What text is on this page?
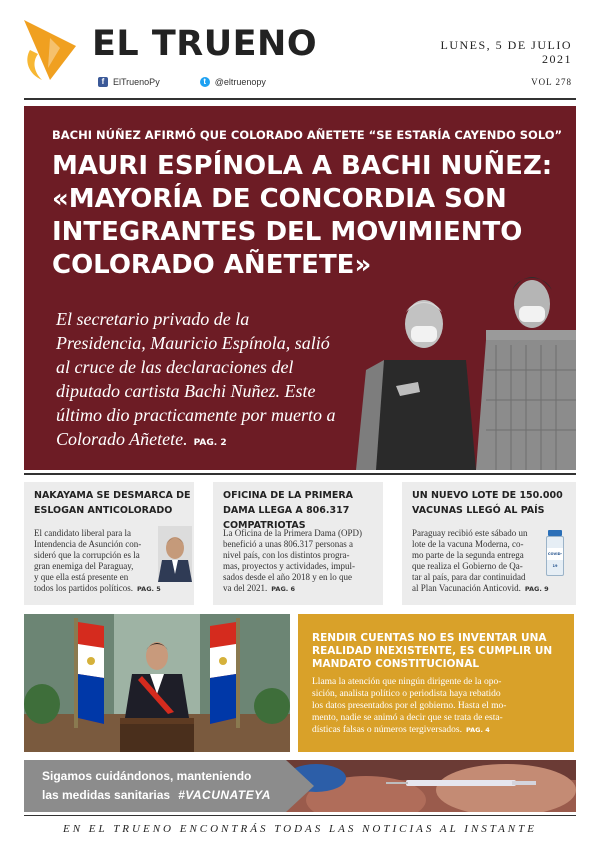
EL TRUENO
f ElTruenoPy	t @eltruenopy
LUNES, 5 DE JULIO
2021
VOL 278
BACHI NÚÑEZ AFIRMÓ QUE COLORADO AÑETETE “SE ESTARÍA CAYENDO SOLO”
MAURI ESPÍNOLA A BACHI NUÑEZ: «MAYORÍA DE CONCORDIA SON INTEGRANTES DEL MOVIMIENTO COLORADO AÑETETE»
El secretario privado de la Presidencia, Mauricio Espínola, salió al cruce de las declaraciones del diputado cartista Bachi Nuñez. Este último dio practicamente por muerto a Colorado Añetete. PAG. 2
NAKAYAMA SE DESMARCA DE ESLOGAN ANTICOLORADO
El candidato liberal para la
Intendencia de Asunción con-
sideró que la corrupción es la
gran enemiga del Paraguay,
y que ella está presente en
todos los partidos políticos. PAG. 5
OFICINA DE LA PRIMERA DAMA LLEGA A 806.317 COMPATRIOTAS
La Oficina de la Primera Dama (OPD)
benefició a unas 806.317 personas a
nivel país, con los distintos progra-
mas, proyectos y actividades, impul-
sados desde el año 2018 y en lo que
va del 2021. PAG. 6
UN NUEVO LOTE DE 150.000 VACUNAS LLEGÓ AL PAÍS
Paraguay recibió este sábado un
lote de la vacuna Moderna, co-
mo parte de la segunda entrega
que realiza el Gobierno de Qa-
tar al país, para dar continuidad
al Plan Vacunación Anticovid. PAG. 9
COVID-19
RENDIR CUENTAS NO ES INVENTAR UNA REALIDAD INEXISTENTE, ES CUMPLIR UN MANDATO CONSTITUCIONAL
Llama la atención que ningún dirigente de la opo-
sición, analista político o periodista haya rebatido
los datos presentados por el gobierno. Hasta el mo-
mento, nadie se animó a decir que se trata de esta-
dísticas falsas o números tergiversados. PAG. 4
Sigamos cuidándonos, manteniendo
las medidas sanitarias #VACUNATEYA
EN EL TRUENO ENCONTRÁS TODAS LAS NOTICIAS AL INSTANTE
